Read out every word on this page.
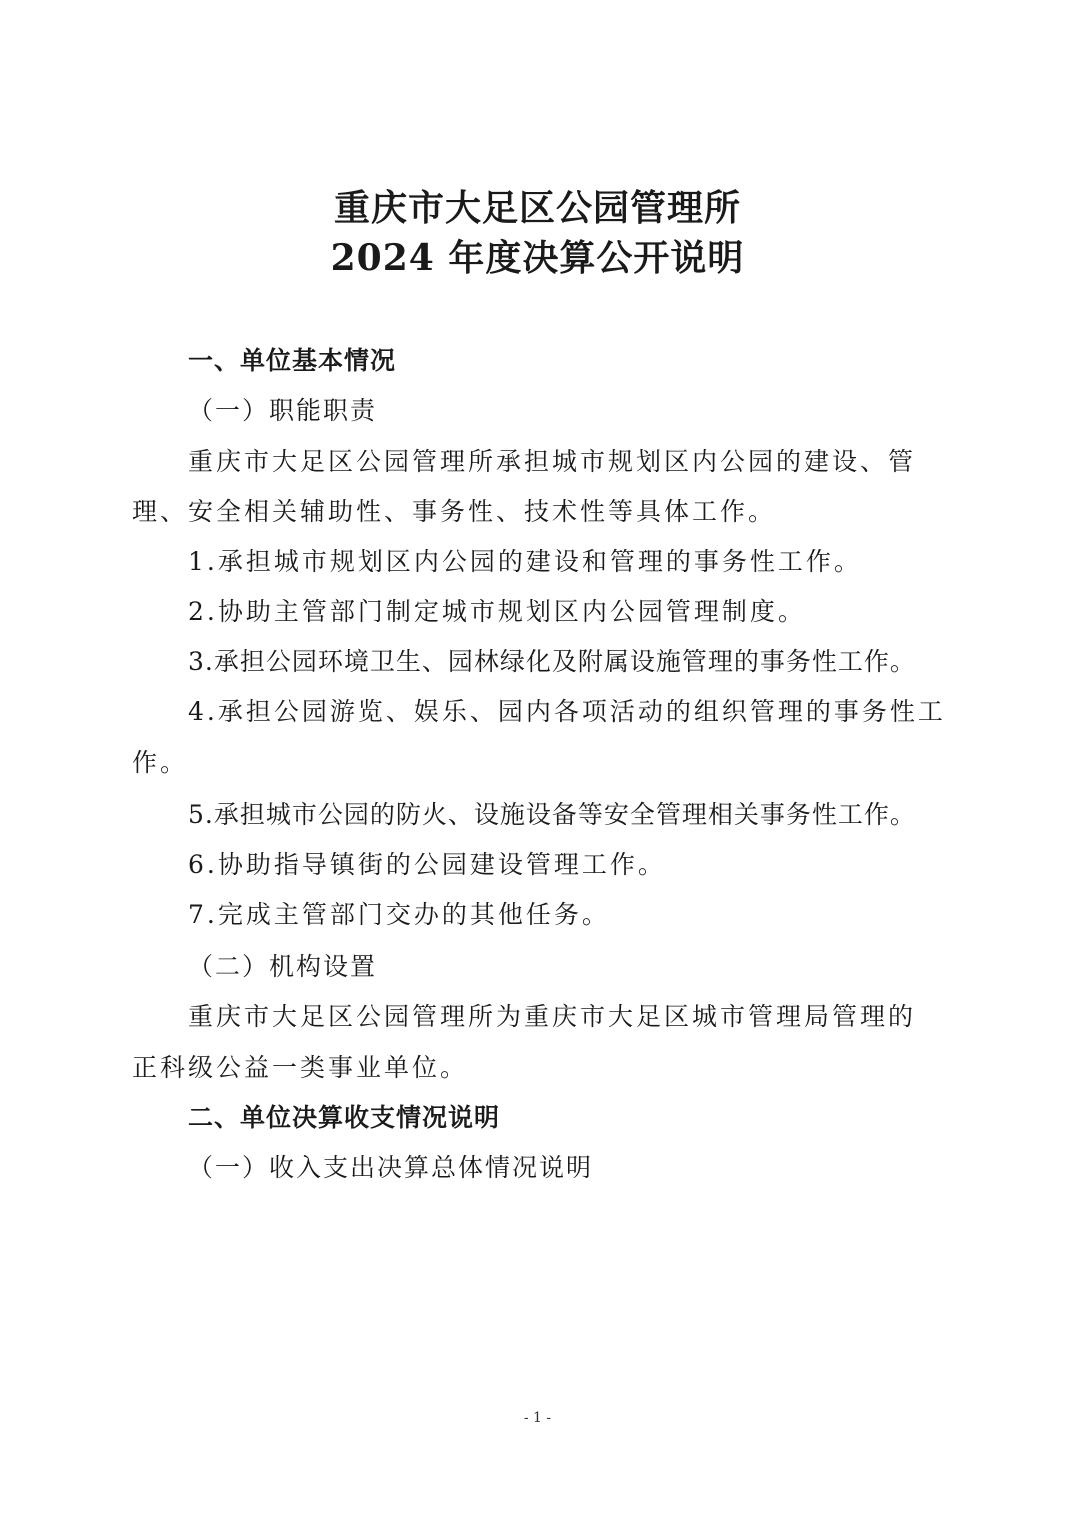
重庆市大足区公园管理所
2024 年度决算公开说明
一、单位基本情况
（一）职能职责
重庆市大足区公园管理所承担城市规划区内公园的建设、管
理、安全相关辅助性、事务性、技术性等具体工作。
1.承担城市规划区内公园的建设和管理的事务性工作。
2.协助主管部门制定城市规划区内公园管理制度。
3.承担公园环境卫生、园林绿化及附属设施管理的事务性工作。
4.承担公园游览、娱乐、园内各项活动的组织管理的事务性工
作。
5.承担城市公园的防火、设施设备等安全管理相关事务性工作。
6.协助指导镇街的公园建设管理工作。
7.完成主管部门交办的其他任务。
（二）机构设置
重庆市大足区公园管理所为重庆市大足区城市管理局管理的
正科级公益一类事业单位。
二、单位决算收支情况说明
（一）收入支出决算总体情况说明
- 1 -
